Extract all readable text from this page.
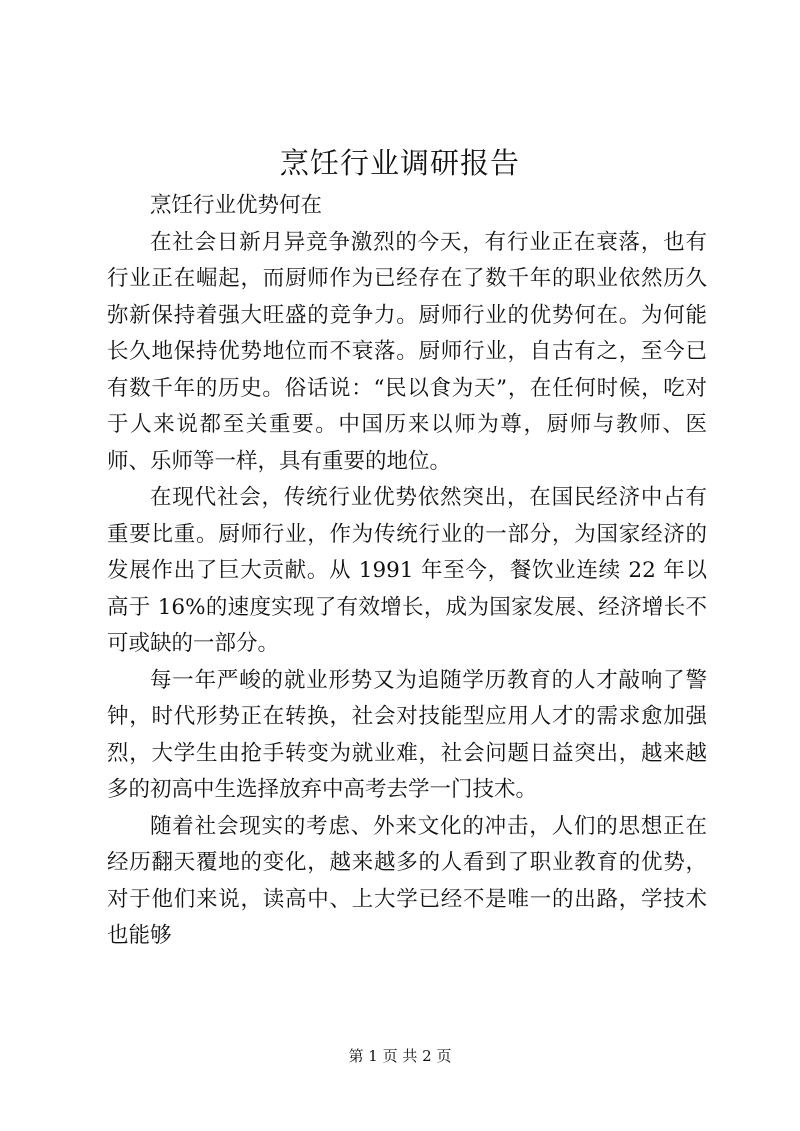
烹饪行业调研报告

烹饪行业优势何在

在社会日新月异竞争激烈的今天，有行业正在衰落，也有行业正在崛起，而厨师作为已经存在了数千年的职业依然历久弥新保持着强大旺盛的竞争力。厨师行业的优势何在。为何能长久地保持优势地位而不衰落。厨师行业，自古有之，至今已有数千年的历史。俗话说：“民以食为天”，在任何时候，吃对于人来说都至关重要。中国历来以师为尊，厨师与教师、医师、乐师等一样，具有重要的地位。

在现代社会，传统行业优势依然突出，在国民经济中占有重要比重。厨师行业，作为传统行业的一部分，为国家经济的发展作出了巨大贡献。从 1991 年至今，餐饮业连续 22 年以高于 16%的速度实现了有效增长，成为国家发展、经济增长不可或缺的一部分。

每一年严峻的就业形势又为追随学历教育的人才敲响了警钟，时代形势正在转换，社会对技能型应用人才的需求愈加强烈，大学生由抢手转变为就业难，社会问题日益突出，越来越多的初高中生选择放弃中高考去学一门技术。

随着社会现实的考虑、外来文化的冲击，人们的思想正在经历翻天覆地的变化，越来越多的人看到了职业教育的优势，对于他们来说，读高中、上大学已经不是唯一的出路，学技术也能够

第 1 页 共 2 页
